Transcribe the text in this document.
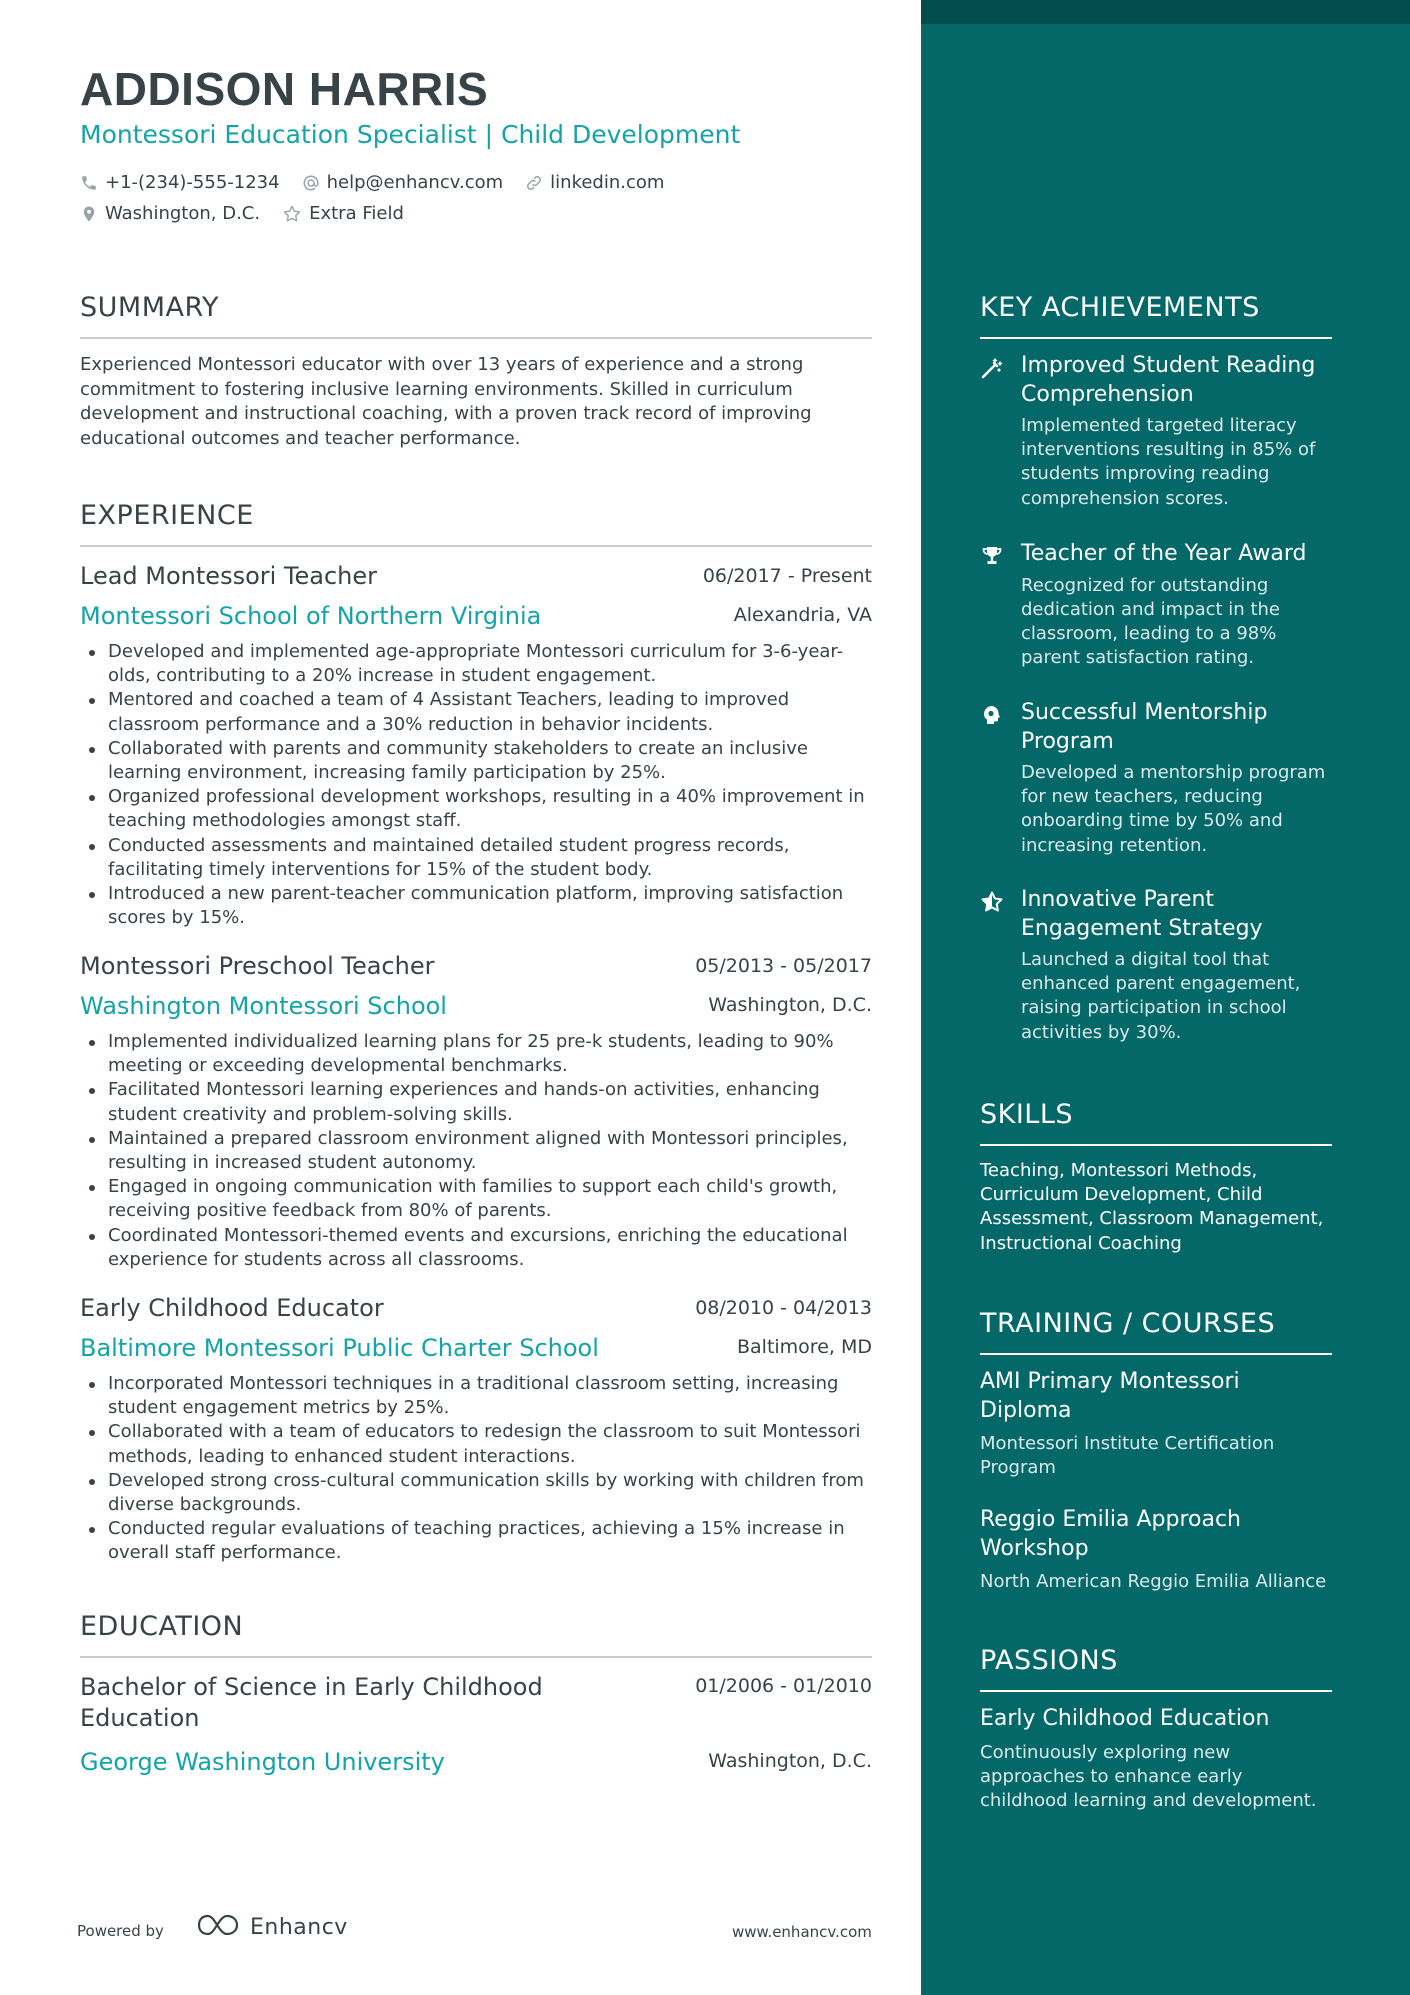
ADDISON HARRIS
Montessori Education Specialist | Child Development
+1-(234)-555-1234	help@enhancv.com	linkedin.com
Washington, D.C.	Extra Field
SUMMARY
Experienced Montessori educator with over 13 years of experience and a strong commitment to fostering inclusive learning environments. Skilled in curriculum development and instructional coaching, with a proven track record of improving educational outcomes and teacher performance.
EXPERIENCE
Lead Montessori Teacher	06/2017 - Present
Montessori School of Northern Virginia	Alexandria, VA
Developed and implemented age-appropriate Montessori curriculum for 3-6-year-olds, contributing to a 20% increase in student engagement.
Mentored and coached a team of 4 Assistant Teachers, leading to improved classroom performance and a 30% reduction in behavior incidents.
Collaborated with parents and community stakeholders to create an inclusive learning environment, increasing family participation by 25%.
Organized professional development workshops, resulting in a 40% improvement in teaching methodologies amongst staff.
Conducted assessments and maintained detailed student progress records, facilitating timely interventions for 15% of the student body.
Introduced a new parent-teacher communication platform, improving satisfaction scores by 15%.
Montessori Preschool Teacher	05/2013 - 05/2017
Washington Montessori School	Washington, D.C.
Implemented individualized learning plans for 25 pre-k students, leading to 90% meeting or exceeding developmental benchmarks.
Facilitated Montessori learning experiences and hands-on activities, enhancing student creativity and problem-solving skills.
Maintained a prepared classroom environment aligned with Montessori principles, resulting in increased student autonomy.
Engaged in ongoing communication with families to support each child's growth, receiving positive feedback from 80% of parents.
Coordinated Montessori-themed events and excursions, enriching the educational experience for students across all classrooms.
Early Childhood Educator	08/2010 - 04/2013
Baltimore Montessori Public Charter School	Baltimore, MD
Incorporated Montessori techniques in a traditional classroom setting, increasing student engagement metrics by 25%.
Collaborated with a team of educators to redesign the classroom to suit Montessori methods, leading to enhanced student interactions.
Developed strong cross-cultural communication skills by working with children from diverse backgrounds.
Conducted regular evaluations of teaching practices, achieving a 15% increase in overall staff performance.
EDUCATION
Bachelor of Science in Early Childhood Education
01/2006 - 01/2010
George Washington University	Washington, D.C.
Powered by	Enhancv	www.enhancv.com
KEY ACHIEVEMENTS
Improved Student Reading Comprehension
Implemented targeted literacy interventions resulting in 85% of students improving reading comprehension scores.
Teacher of the Year Award
Recognized for outstanding dedication and impact in the classroom, leading to a 98% parent satisfaction rating.
Successful Mentorship Program
Developed a mentorship program for new teachers, reducing onboarding time by 50% and increasing retention.
Innovative Parent Engagement Strategy
Launched a digital tool that enhanced parent engagement, raising participation in school activities by 30%.
SKILLS
Teaching, Montessori Methods, Curriculum Development, Child Assessment, Classroom Management, Instructional Coaching
TRAINING / COURSES
AMI Primary Montessori Diploma
Montessori Institute Certification Program
Reggio Emilia Approach Workshop
North American Reggio Emilia Alliance
PASSIONS
Early Childhood Education
Continuously exploring new approaches to enhance early childhood learning and development.
